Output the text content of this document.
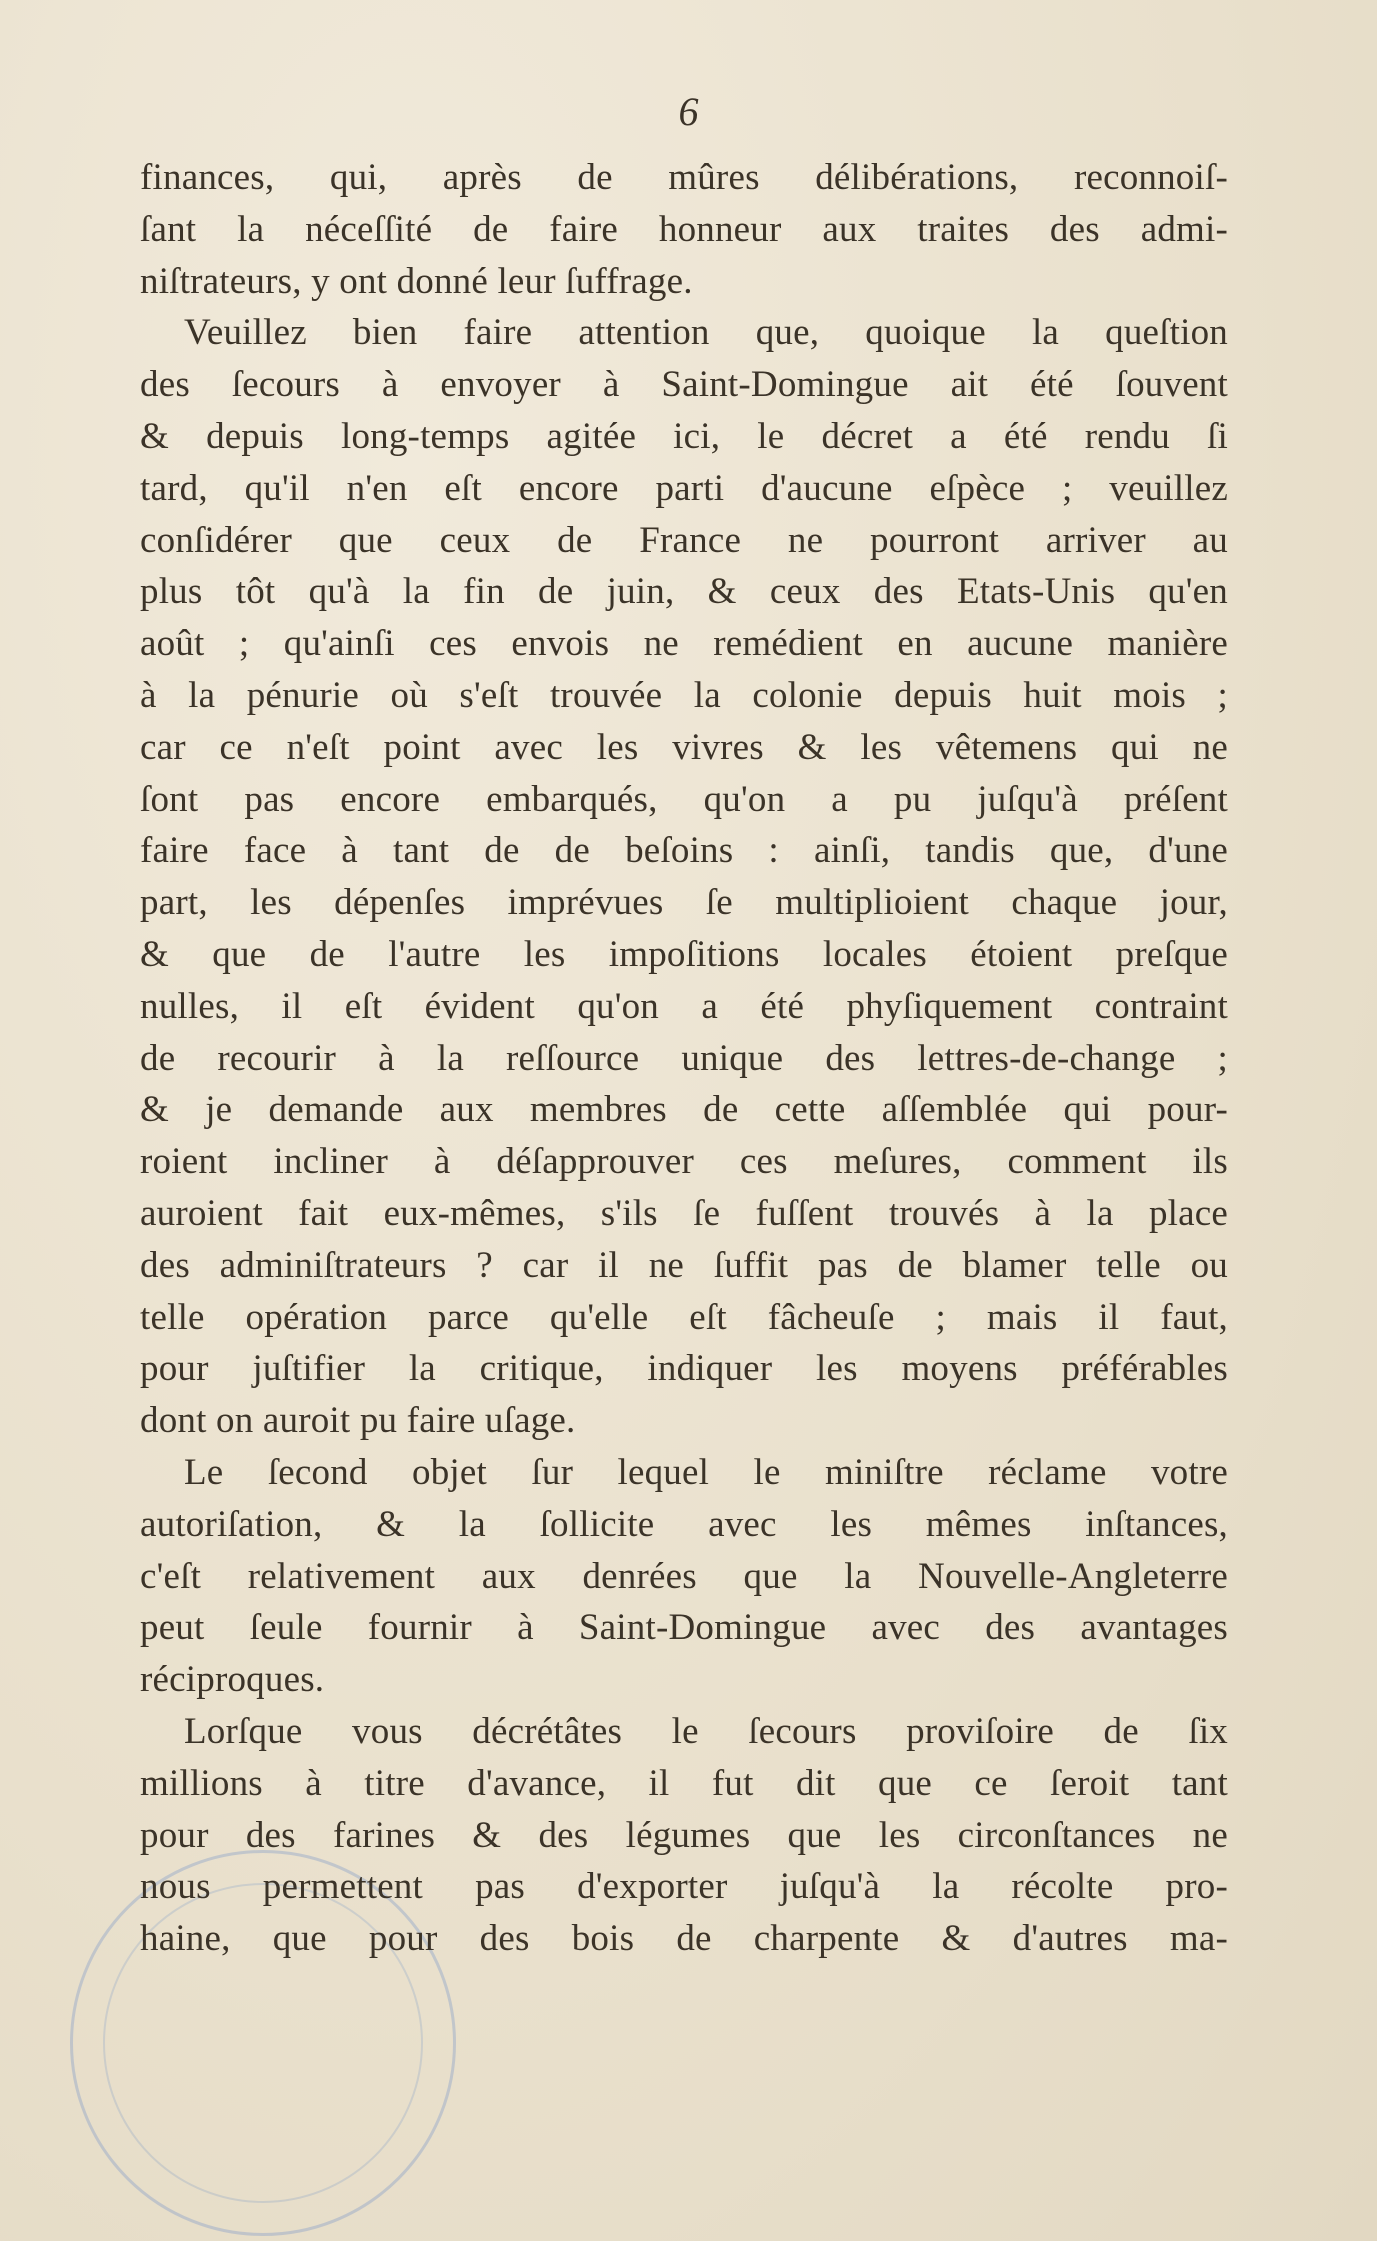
6
finances, qui, après de mûres délibérations, reconnoiſ-
ſant la néceſſité de faire honneur aux traites des admi-
niſtrateurs, y ont donné leur ſuffrage.
Veuillez bien faire attention que, quoique la queſtion
des ſecours à envoyer à Saint-Domingue ait été ſouvent
& depuis long-temps agitée ici, le décret a été rendu ſi
tard, qu'il n'en eſt encore parti d'aucune eſpèce ; veuillez
conſidérer que ceux de France ne pourront arriver au
plus tôt qu'à la fin de juin, & ceux des Etats-Unis qu'en
août ; qu'ainſi ces envois ne remédient en aucune manière
à la pénurie où s'eſt trouvée la colonie depuis huit mois ;
car ce n'eſt point avec les vivres & les vêtemens qui ne
ſont pas encore embarqués, qu'on a pu juſqu'à préſent
faire face à tant de de beſoins : ainſi, tandis que, d'une
part, les dépenſes imprévues ſe multiplioient chaque jour,
& que de l'autre les impoſitions locales étoient preſque
nulles, il eſt évident qu'on a été phyſiquement contraint
de recourir à la reſſource unique des lettres-de-change ;
& je demande aux membres de cette aſſemblée qui pour-
roient incliner à déſapprouver ces meſures, comment ils
auroient fait eux-mêmes, s'ils ſe fuſſent trouvés à la place
des adminiſtrateurs ? car il ne ſuffit pas de blamer telle ou
telle opération parce qu'elle eſt fâcheuſe ; mais il faut,
pour juſtifier la critique, indiquer les moyens préférables
dont on auroit pu faire uſage.
Le ſecond objet ſur lequel le miniſtre réclame votre
autoriſation, & la ſollicite avec les mêmes inſtances,
c'eſt relativement aux denrées que la Nouvelle-Angleterre
peut ſeule fournir à Saint-Domingue avec des avantages
réciproques.
Lorſque vous décrétâtes le ſecours proviſoire de ſix
millions à titre d'avance, il fut dit que ce ſeroit tant
pour des farines & des légumes que les circonſtances ne
nous permettent pas d'exporter juſqu'à la récolte pro-
haine, que pour des bois de charpente & d'autres ma-
